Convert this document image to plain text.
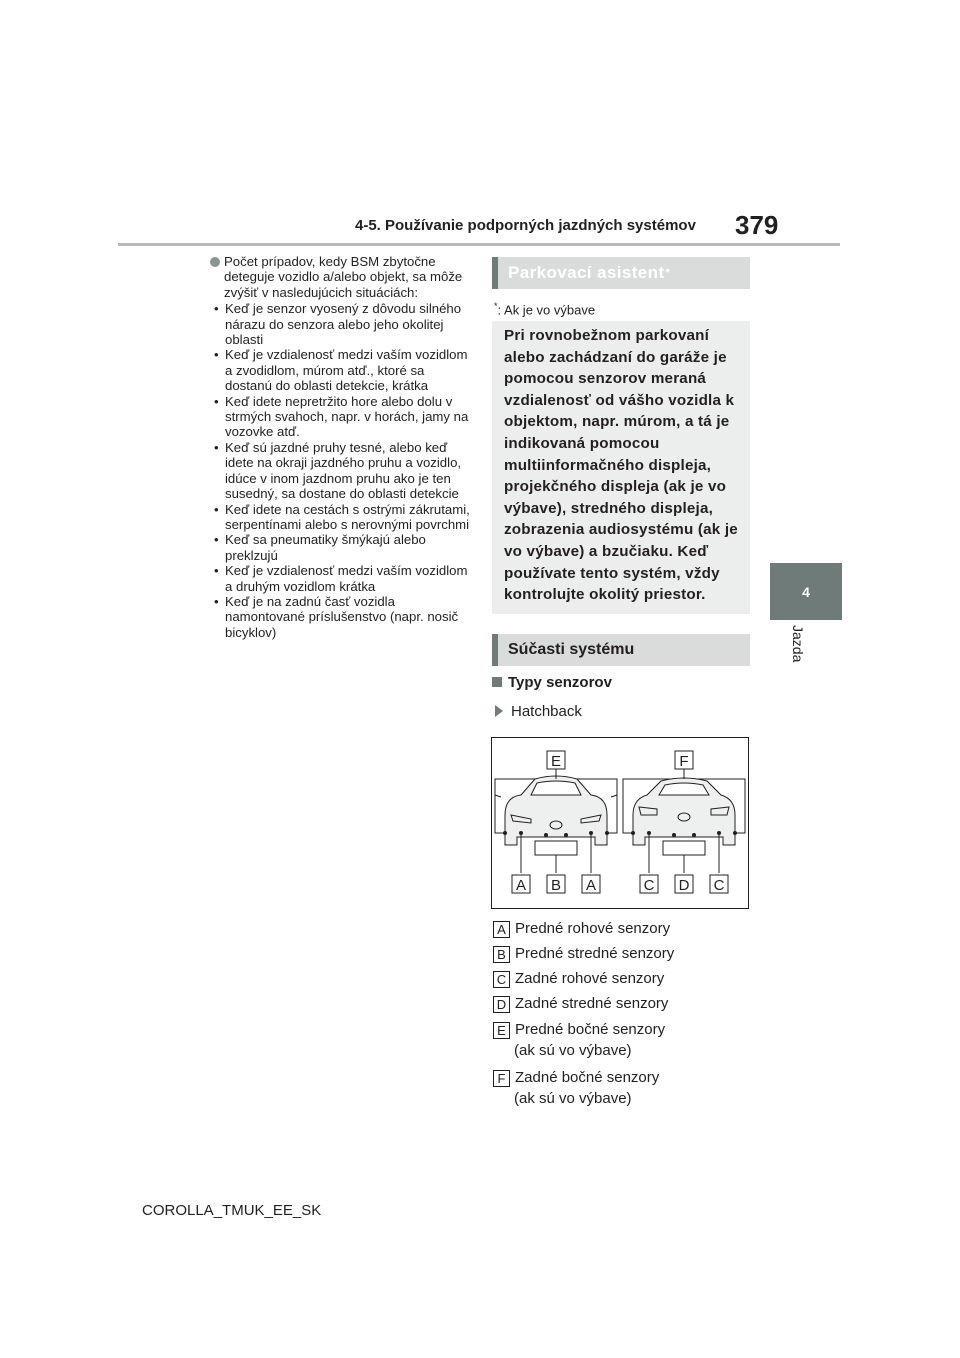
4-5. Používanie podporných jazdných systémov 379
4
Jazda
Počet prípadov, kedy BSM zbytočne deteguje vozidlo a/alebo objekt, sa môže zvýšiť v nasledujúcich situáciách:
• Keď je senzor vyosený z dôvodu silného nárazu do senzora alebo jeho okolitej oblasti
• Keď je vzdialenosť medzi vaším vozidlom a zvodidlom, múrom atď., ktoré sa dostanú do oblasti detekcie, krátka
• Keď idete nepretržito hore alebo dolu v strmých svahoch, napr. v horách, jamy na vozovke atď.
• Keď sú jazdné pruhy tesné, alebo keď idete na okraji jazdného pruhu a vozidlo, idúce v inom jazdnom pruhu ako je ten susedný, sa dostane do oblasti detekcie
• Keď idete na cestách s ostrými zákrutami, serpentínami alebo s nerovnými povrchmi
• Keď sa pneumatiky šmýkajú alebo preklzujú
• Keď je vzdialenosť medzi vaším vozidlom a druhým vozidlom krátka
• Keď je na zadnú časť vozidla namontované príslušenstvo (napr. nosič bicyklov)
Parkovací asistent *
*: Ak je vo výbave
Pri rovnobežnom parkovaní alebo zachádzaní do garáže je pomocou senzorov meraná vzdialenosť od vášho vozidla k objektom, napr. múrom, a tá je indikovaná pomocou multiinformačného displeja, projekčného displeja (ak je vo výbave), stredného displeja, zobrazenia audiosystému (ak je vo výbave) a bzučiaku. Keď používate tento systém, vždy kontrolujte okolitý priestor.
Súčasti systému
Typy senzorov
Hatchback
E	F
A B A	C D C
A Predné rohové senzory
B Predné stredné senzory
C Zadné rohové senzory
D Zadné stredné senzory
E Predné bočné senzory
(ak sú vo výbave)
F Zadné bočné senzory
(ak sú vo výbave)
COROLLA_TMUK_EE_SK
